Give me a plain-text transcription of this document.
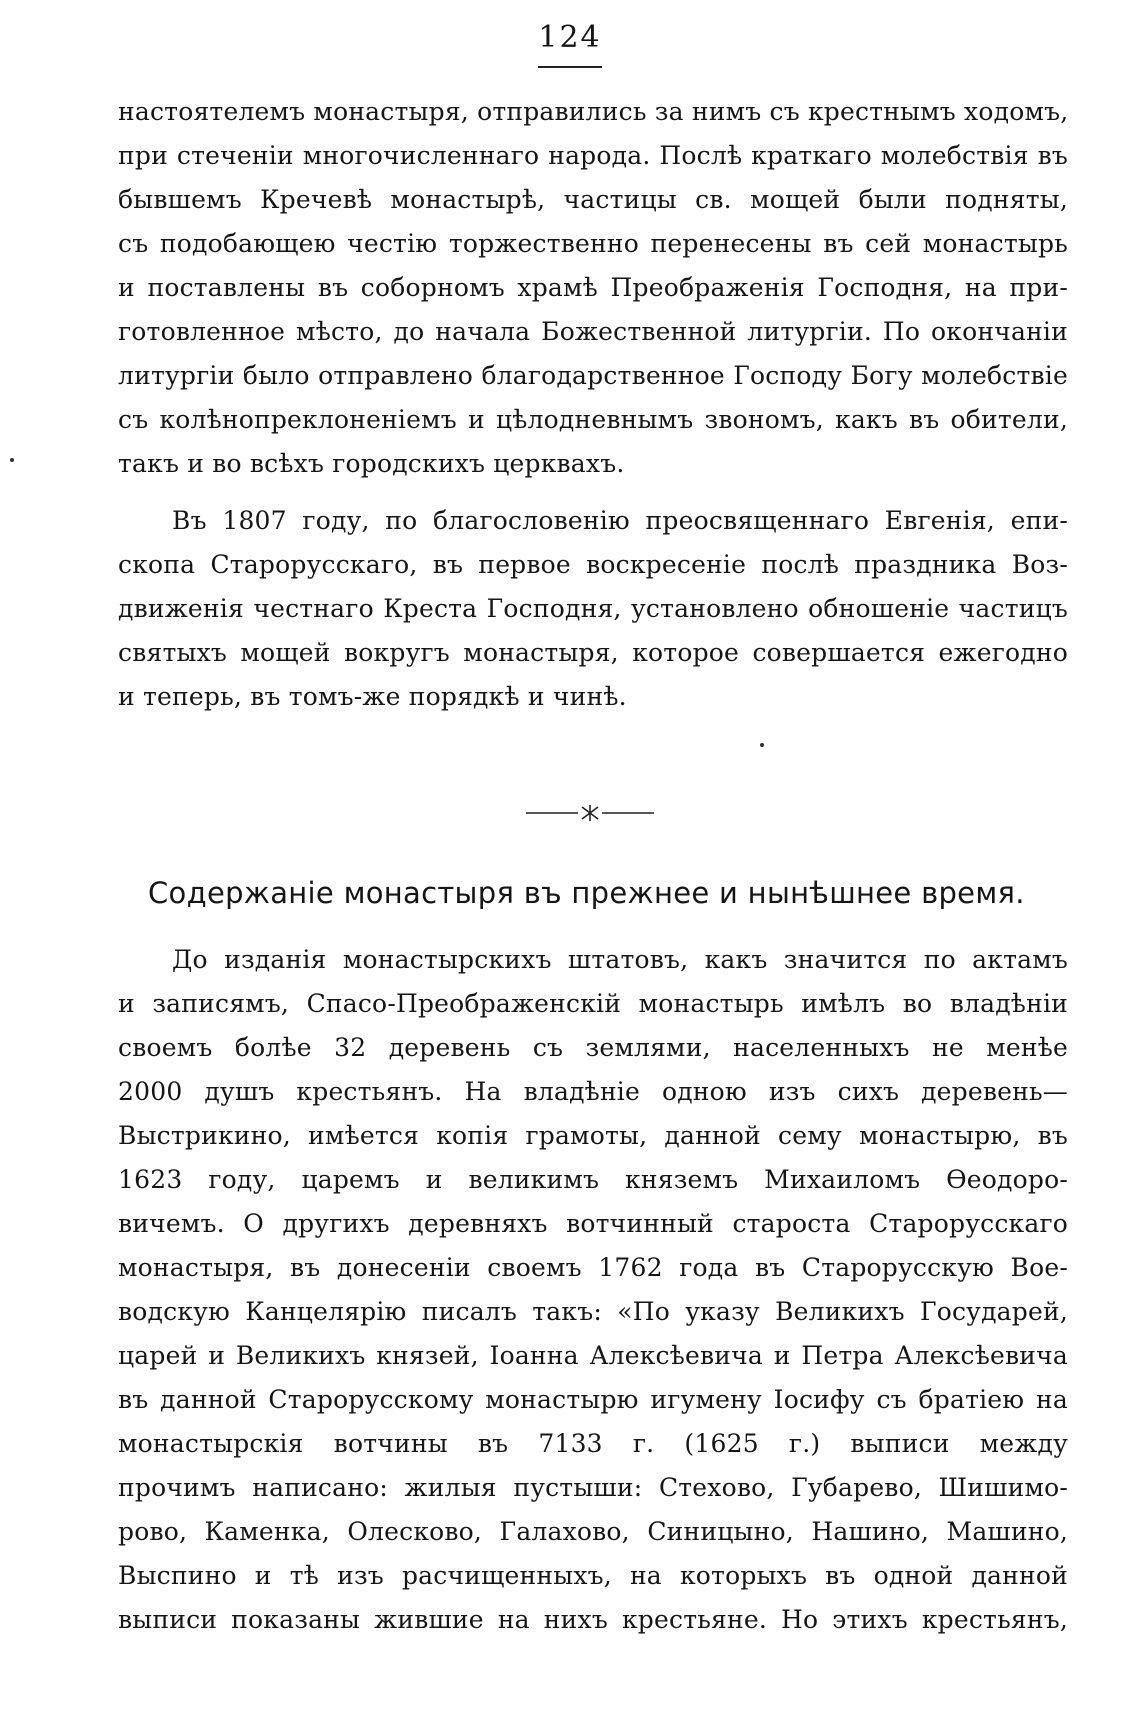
124
настоятелемъ монастыря, отправились за нимъ съ крестнымъ ходомъ,
при стеченіи многочисленнаго народа. Послѣ краткаго молебствія въ
бывшемъ Кречевѣ монастырѣ, частицы св. мощей были подняты,
съ подобающею честію торжественно перенесены въ сей монастырь
и поставлены въ соборномъ храмѣ Преображенія Господня, на при-
готовленное мѣсто, до начала Божественной литургіи. По окончаніи
литургіи было отправлено благодарственное Господу Богу молебствіе
съ колѣнопреклоненіемъ и цѣлодневнымъ звономъ, какъ въ обители,
такъ и во всѣхъ городскихъ церквахъ.
Въ 1807 году, по благословенію преосвященнаго Евгенія, епи-
скопа Старорусскаго, въ первое воскресеніе послѣ праздника Воз-
движенія честнаго Креста Господня, установлено обношеніе частицъ
святыхъ мощей вокругъ монастыря, которое совершается ежегодно
и теперь, въ томъ-же порядкѣ и чинѣ.
Содержаніе монастыря въ прежнее и нынѣшнее время.
До изданія монастырскихъ штатовъ, какъ значится по актамъ
и записямъ, Спасо-Преображенскій монастырь имѣлъ во владѣніи
своемъ болѣе 32 деревень съ землями, населенныхъ не менѣе
2000 душъ крестьянъ. На владѣніе одною изъ сихъ деревень—
Выстрикино, имѣется копія грамоты, данной сему монастырю, въ
1623 году, царемъ и великимъ княземъ Михаиломъ Ѳеодоро-
вичемъ. О другихъ деревняхъ вотчинный староста Старорусскаго
монастыря, въ донесеніи своемъ 1762 года въ Старорусскую Вое-
водскую Канцелярію писалъ такъ: «По указу Великихъ Государей,
царей и Великихъ князей, Іоанна Алексѣевича и Петра Алексѣевича
въ данной Старорусскому монастырю игумену Іосифу съ братіею на
монастырскія вотчины въ 7133 г. (1625 г.) выписи между
прочимъ написано: жилыя пустыши: Стехово, Губарево, Шишимо-
рово, Каменка, Олесково, Галахово, Синицыно, Нашино, Машино,
Выспино и тѣ изъ расчищенныхъ, на которыхъ въ одной данной
выписи показаны жившие на нихъ крестьяне. Но этихъ крестьянъ,
